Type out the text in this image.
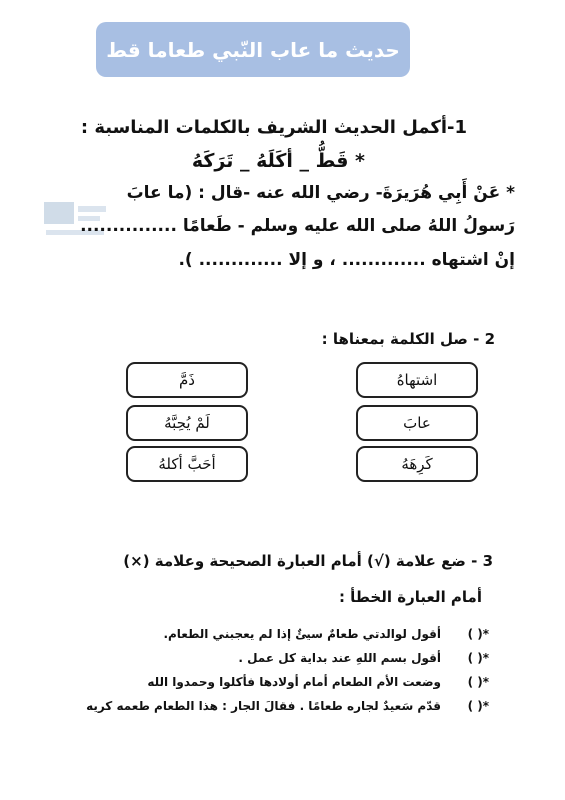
حديث ما عاب النّبي طعاما قط
1-أكمل الحديث الشريف بالكلمات المناسبة :
* قَطُّ _ أكَلَهُ _ تَرَكَهُ
* عَنْ أَبِي هُرَيرَةَ- رضي الله عنه -قال : (ما عابَ
رَسولُ اللهُ صلى الله عليه وسلم - طَعامًا ...............
إنْ اشتهاه ............. ، و إلا ............. ).
2 - صل الكلمة بمعناها :
اشتهاهُ
عابَ
كَرِهَهُ
ذَمَّ
لَمْ يُحِبَّهُ
أحَبَّ أكلهُ
3 - ضع علامة (√) أمام العبارة الصحيحة وعلامة (×)
أمام العبارة الخطأ :
*( )
أقول لوالدتي طعامٌ سيئٌ إذا لم يعجبني الطعام.
*( )
أقول بسم اللهِ عند بداية كل عمل .
*( )
وضعت الأم الطعام أمام أولادها فأكلوا وحمدوا الله
*( )
قدّم سَعيدٌ لجاره طعامًا . فقالَ الجار : هذا الطعام طعمه كريه
